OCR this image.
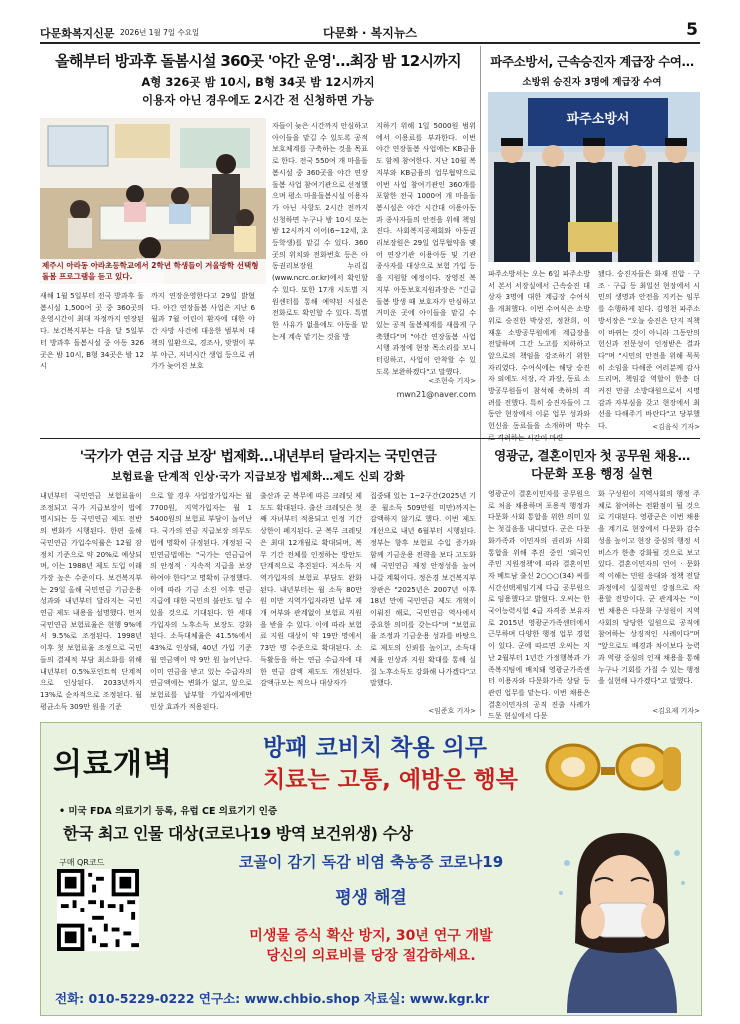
다문화복지신문 2026년 1월 7일 수요일	다문화 · 복지뉴스	5
올해부터 방과후 돌봄시설 360곳 '야간 운영'…최장 밤 12시까지
A형 326곳 밤 10시, B형 34곳 밤 12시까지
이용자 아닌 경우에도 2시간 전 신청하면 가능
제주시 아라동 아라초등학교에서 2학년 학생들이 겨울방학 선택형 돌봄 프로그램을 듣고 있다.
새해 1월 5일부터 전국 방과후 돌봄시설 1,500여 곳 중 360곳의 운영시간이 최대 자정까지 연장된다. 보건복지부는 다음 달 5일부터 방과후 돌봄시설 중 아동 326곳은 밤 10시, B형 34곳은 밤 12시
까지 연장운영한다고 29일 밝혔다. 아간 연장돌봄 사업은 지난 6월과 7월 어린이 환자에 대한 야간 사망 사건에 대응한 범부처 대책의 일환으로, 경조사, 맞벌이 부부 야근, 저녁시간 생업 등으로 귀가가 늦어진 보호
자들이 늦은 시간까지 안심하고 아이들을 맡길 수 있도록 공적 보호체계를 구축하는 것을 목표로 한다. 전국 550여 개 마을돌봄시설 중 360곳을 야간 연장돌봄 사업 참여기관으로 선정했으며 평소 마을돌봄시설 이용자가 아닌 사항도 2시간 전까지 신청하면 누구나 밤 10시 또는 밤 12시까지 이어(6~12세, 초등학생)를 맡길 수 있다. 360곳의 위치와 전화번호 등은 아동권리보장원 누리집(www.ncrc.or.kr)에서 확인할 수 있다. 또한 17개 시도별 지원센터를 통해 예약된 시설은 전화로도 확인할 수 있다. 특별한 사유가 없을에도 아동을 맡는게 계속 맡기는 것을 방
지하기 위해 1일 5000원 범위에서 이용료를 부과한다. 이번 야간 연장돌봄 사업에는 KB금융도 함께 참여한다. 지난 10월 복지부와 KB금융의 업무협약으로 이번 사업 참여기관인 360개를 포함한 전국 1000여 개 마을돌봄시설은 야간 시간대 이용아동과 종사자들의 안전을 위해 책임진다. 사회복지공제회와 아동권리보장원은 29일 업무협약을 맺어 연장기관 이용아동 및 기관 종사자를 대상으로 보험 가입 등을 지원할 예정이다. 장영진 복지부 아동보호지원과장은 "긴급돌봄 방생 때 보호자가 안심하고 거미운 곳에 아이들을 맡길 수 있는 공적 돌봄체계를 새롭게 구축했다"며 "야간 연장돌봄 사업 시행 과정에 현장 목소리를 모니터링하고, 사업이 안착할 수 있도록 보완하겠다"고 말했다.
<조현숙 기자>
mwn21@naver.com
파주소방서, 근속승진자 계급장 수여…
소방위 승진자 3명에 계급장 수여
파주소방서
파주소방서는 오는 6일 파주소방서 본서 서장실에서 근속승진 대상자 3명에 대한 계급장 수여식을 개최했다. 이번 수여식은 소방위로 승진한 박상진, 정찬희, 이재훈 소방공무원에게 계급장을 전달하며 그간 노고를 치하하고 앞으로의 책임을 강조하기 위한 자리였다. 수여식에는 해당 승진자 외에도 서장, 각 과장, 동료 소방공무원들이 참석해 축하의 격려를 전했다. 특히 승진자들이 그동안 현장에서 이룬 업무 성과와 헌신을 동료들을 소개하며 박수
됐다. 승진자들은 화재 진압 · 구조 · 구급 등 최일선 현장에서 시민의 생명과 안전을 지키는 임무를 수행하게 된다. 김영천 파주소방서장은 "오늘 승진은 단지 직책이 바뀌는 것이 아니라 그동안의 헌신과 전문성이 인정받은 결과다"며 "시민의 안전을 위해 묵묵히 소임을 다해준 여러분께 감사드리며, 책임감 역할이 한층 더 커진 만큼 소방대원으로서 시명감과 자부심을 갖고 현장에서 최선을 다해주기 바란다"고 당부했다.	<김음식 기자>
'국가가 연금 지급 보장' 법제화…내년부터 달라지는 국민연금
보험료율 단계적 인상·국가 지급보장 법제화…제도 신뢰 강화
내년부터 국민연금 보험료율이 조정되고 국가 지급보장이 법에 명시되는 등 국민연금 제도 전반의 변화가 시행된다. 한편 올해 국민연금 가입수익률은 12월 잠정치 기준으로 약 20%로 예상되며, 이는 1988년 제도 도입 이래 가장 높은 수준이다. 보건복지부는 29일 올해 국민연금 기금운용 성과와 내년부터 달라지는 국민연금 제도 내용을 설명했다. 먼저 국민연금 보험료율은 현행 9%에서 9.5%로 조정된다. 1998년 이후 첫 보험료율 조정으로 국민들의 결제적 부담 최소화를 위해 내년부터 0.5%포인트씩 단계적으로 인상된다. 2033년까지 13%로 순차적으로 조정된다. 월 평균소득 309만 원을 기준
으로 할 경우 사업장가입자는 월 7700원, 지역가입자는 월 1 5400원의 보험료 부담이 늘어난다. 국가의 연금 지급보장 의무도 법에 명확히 규정된다. 개정된 국민연금법에는 "국가는 연금급여의 안정적 · 지속적 지급을 보장하여야 한다"고 명확히 규정했다. 이에 따라 기금 소진 이후 연금 지급에 대한 국민의 불안도 덜 수 있을 것으로 기대된다. 한 세대 가입자의 노후소득 보장도 강화된다. 소득대체율은 41.5%에서 43%로 인상돼, 40년 가입 기준 월 연금액이 약 9만 원 늘어난다. 이미 연금을 받고 있는 수급자의 연금액에는 변화가 없고, 앞으로 보험료를 납부할 가입자에게만 인상 효과가 적용된다.
출산과 군 복무에 따른 크레딧 제도도 확대된다. 출산 크레딧은 첫째 자녀부터 적용되고 인정 기간 상한이 폐지된다. 군 복무 크레딧은 최대 12개월로 확대되며, 복무 기간 전체를 인정하는 방안도 단계적으로 추진된다. 저소득 지역가입자의 보험료 부담도 완화된다. 내년부터는 월 소득 80만 원 미만 지역가입자라면 납부 재개 여부와 관계없이 보험료 지원을 받을 수 있다. 이에 따라 보험료 지원 대상이 약 19만 명에서 73만 명 수준으로 확대된다. 소득활동을 하는 연금 수급자에 대한 연금 감액 제도도 개선된다. 감액규모는 적으나 대상자가
집중돼 있는 1~2구간(2025년 기준 월소득 509만원 미만)까지는 감액하지 않기로 했다. 이번 제도 개선으로 내년 6월부터 시행된다. 정부는 향후 보험료 수입 증가와 함께 기금운용 전략을 보다 고도화해 국민연금 재정 안정성을 높여 나갈 계획이다. 정은경 보건복지부 장관은 "2025년은 2007년 이후 18년 만에 국민연금 제도 개혁이 이뤄진 해로, 국민연금 역사에서 중요한 의미를 갖는다"며 "보험료율 조정과 기금운용 성과를 바탕으로 제도의 신뢰를 높이고, 소득대체율 인상과 지원 확대를 통해 실질 노후소득도 강화해 나가겠다"고 말했다.
<임준호 기자>
영광군, 결혼이민자 첫 공무원 채용…
다문화 포용 행정 실현
영광군이 결혼이민자를 공무원으로 처음 채용하며 포용적 행정과 다문화 사회 통합을 위한 의미 있는 첫걸음을 내디뎠다. 군은 다문화가족과 이민자의 권리와 사회통합을 위해 추진 중인 '외국인 주민 지원정책'에 따라 결혼이민자 베트남 출신 2○○○(34) 씨를 시간선택제임기제 다급 공무원으로 임용했다고 밝혔다. 오씨는 한국어능력시험 4급 자격증 보유자로 2015년 영광군가족센터에서 근무하며 다양한 행정 업무 경험이 있다. 군에 따르면 오씨는 지난 2월부터 1년간 가정행복과 가족복지팀에 배치돼 영광군가족센터 이용자와 다문화가족 상담 등 관련 업무를 맡는다. 이번 채용은 결혼이민자의 공직 진출 사례가 드문 현실에서 다문
화 구성원이 지역사회의 행정 주체로 참여하는 전환점이 될 것으로 기대된다. 영광군은 이번 채용을 계기로 현장에서 다문화 감수성을 높이고 현장 중심의 행정 서비스가 한층 강화될 것으로 보고 있다. 결혼이민자의 언어 · 문화적 이해는 민원 응대와 정책 전달 과정에서 실질적인 강점으로 작용할 전망이다. 군 관계자는 "이번 채용은 다문화 구성원이 지역사회의 당당한 일원으로 공직에 참여하는 상징적인 사례이다"며 "앞으로도 배경과 차이보다 능력과 역량 중심의 인재 채용을 통해 누구나 기회를 가질 수 있는 행정을 실현해 나가겠다"고 말했다.
<김요제 기자>
의료개벽	방패 코비치 착용 의무
치료는 고통, 예방은 행복
• 미국 FDA 의료기기 등록, 유럽 CE 의료기기 인증
한국 최고 인물 대상(코로나19 방역 보건위생) 수상
구매 QR코드	코골이 감기 독감 비염 축농증 코로나19
평생 해결
미생물 증식 확산 방지, 30년 연구 개발
당신의 의료비를 당장 절감하세요.
전화: 010-5229-0222 연구소: www.chbio.shop 자료실: www.kgr.kr
